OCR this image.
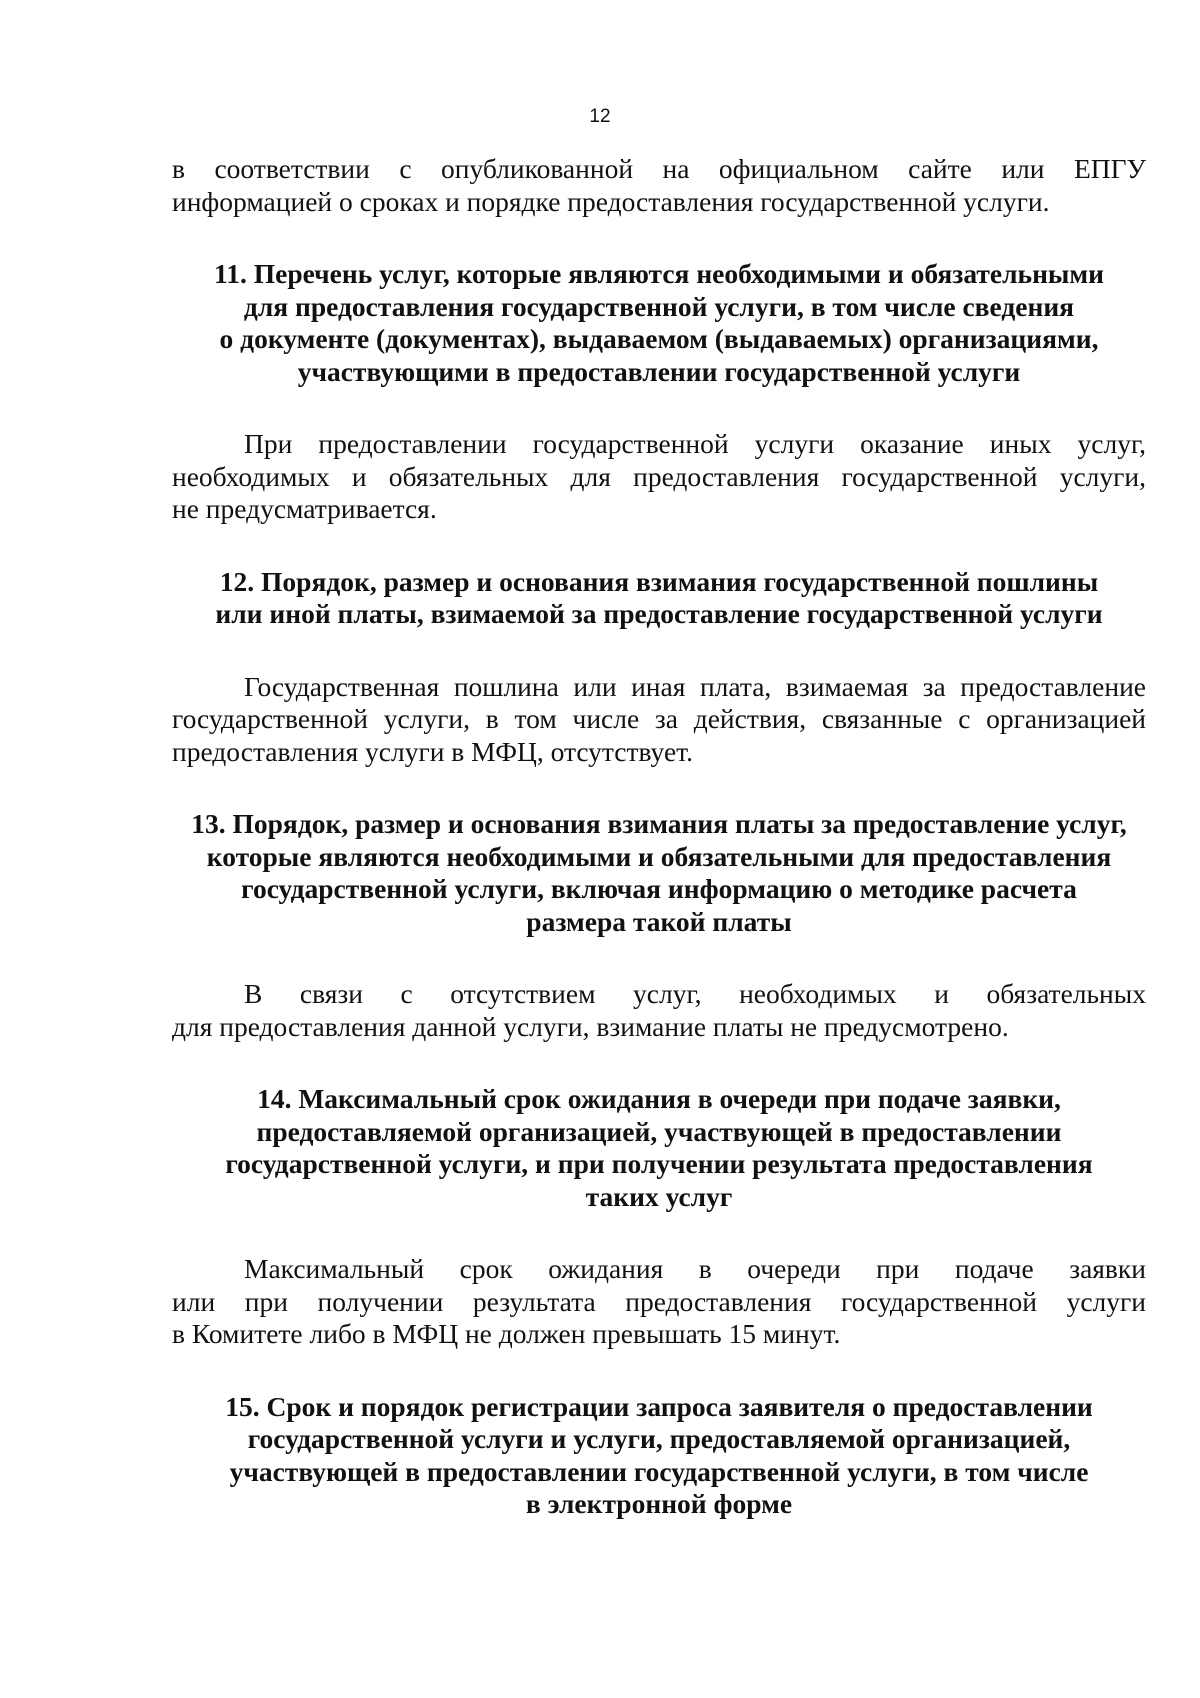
12

в соответствии с опубликованной на официальном сайте или ЕПГУ
информацией о сроках и порядке предоставления государственной услуги.

11. Перечень услуг, которые являются необходимыми и обязательными
для предоставления государственной услуги, в том числе сведения
о документе (документах), выдаваемом (выдаваемых) организациями,
участвующими в предоставлении государственной услуги

При предоставлении государственной услуги оказание иных услуг,
необходимых и обязательных для предоставления государственной услуги,
не предусматривается.

12. Порядок, размер и основания взимания государственной пошлины
или иной платы, взимаемой за предоставление государственной услуги

Государственная пошлина или иная плата, взимаемая за предоставление
государственной услуги, в том числе за действия, связанные с организацией
предоставления услуги в МФЦ, отсутствует.

13. Порядок, размер и основания взимания платы за предоставление услуг,
которые являются необходимыми и обязательными для предоставления
государственной услуги, включая информацию о методике расчета
размера такой платы

В связи с отсутствием услуг, необходимых и обязательных
для предоставления данной услуги, взимание платы не предусмотрено.

14. Максимальный срок ожидания в очереди при подаче заявки,
предоставляемой организацией, участвующей в предоставлении
государственной услуги, и при получении результата предоставления
таких услуг

Максимальный срок ожидания в очереди при подаче заявки
или при получении результата предоставления государственной услуги
в Комитете либо в МФЦ не должен превышать 15 минут.

15. Срок и порядок регистрации запроса заявителя о предоставлении
государственной услуги и услуги, предоставляемой организацией,
участвующей в предоставлении государственной услуги, в том числе
в электронной форме
